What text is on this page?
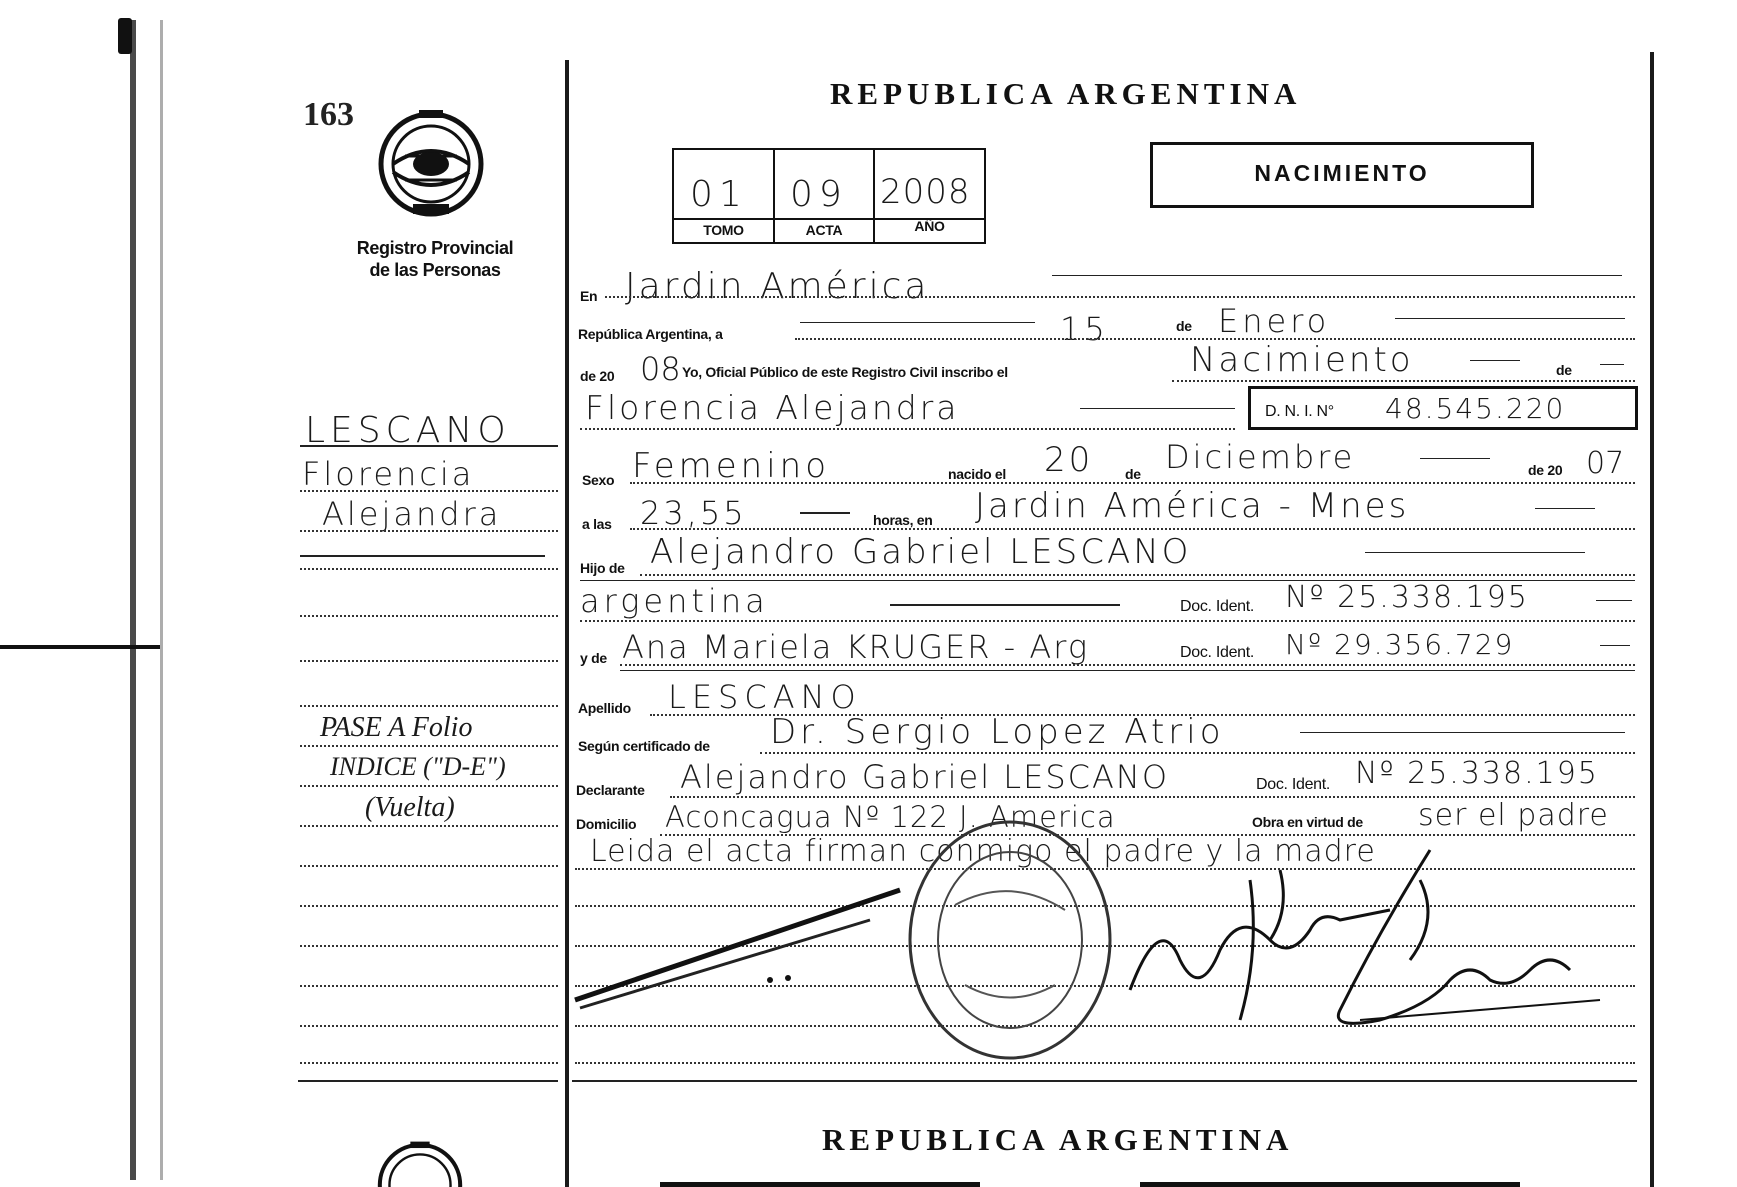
163
Registro Provincial
de las Personas
LESCANO
Florencia
Alejandra
PASE A Folio
INDICE ("D-E")
(Vuelta)
REPUBLICA ARGENTINA
01 09 2008
TOMO	ACTA	AÑO
NACIMIENTO
En Jardin América
República Argentina, a	15	de Enero
de 20 08 Yo, Oficial Público de este Registro Civil inscribo el	Nacimiento	de
Florencia Alejandra	D. N. I. N° 48.545.220
Sexo Femenino	nacido el 20 de Diciembre	de 20 07
a las 23,55	horas, en Jardin América - Mnes
Hijo de Alejandro Gabriel LESCANO
argentina	Doc. Ident. Nº 25.338.195
y de Ana Mariela KRUGER - Arg	Doc. Ident. Nº 29.356.729
Apellido LESCANO
Según certificado de Dr. Sergio Lopez Atrio
Declarante Alejandro Gabriel LESCANO	Doc. Ident. Nº 25.338.195
Domicilio Aconcagua Nº 122 J. America	Obra en virtud de ser el padre
Leida el acta firman conmigo el padre y la madre
REPUBLICA ARGENTINA
